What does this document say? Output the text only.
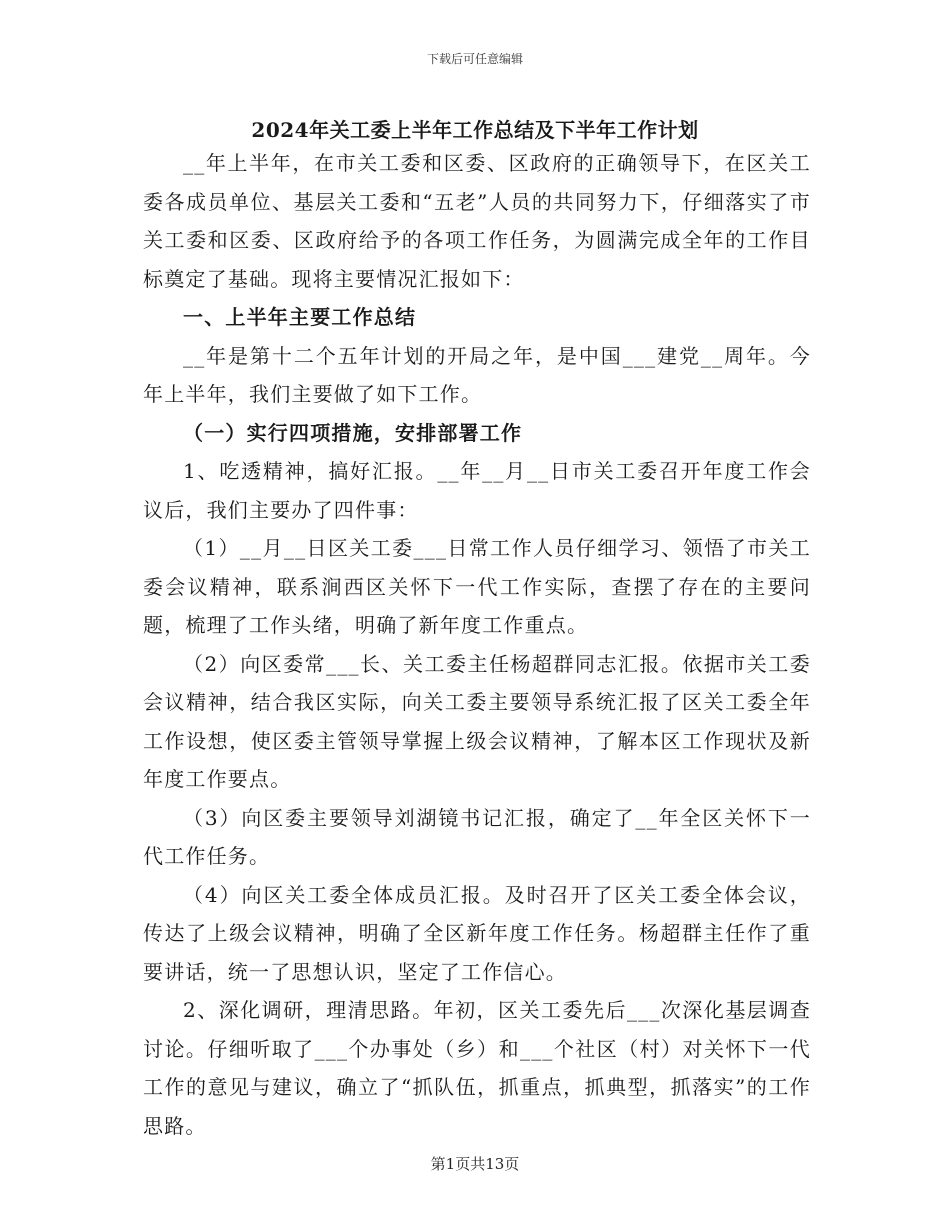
下载后可任意编辑
2024年关工委上半年工作总结及下半年工作计划

__年上半年，在市关工委和区委、区政府的正确领导下，在区关工委各成员单位、基层关工委和“五老”人员的共同努力下，仔细落实了市关工委和区委、区政府给予的各项工作任务，为圆满完成全年的工作目标奠定了基础。现将主要情况汇报如下：

一、上半年主要工作总结

__年是第十二个五年计划的开局之年，是中国___建党__周年。今年上半年，我们主要做了如下工作。

（一）实行四项措施，安排部署工作

1、吃透精神，搞好汇报。__年__月__日市关工委召开年度工作会议后，我们主要办了四件事：

（1）__月__日区关工委___日常工作人员仔细学习、领悟了市关工委会议精神，联系涧西区关怀下一代工作实际，查摆了存在的主要问题，梳理了工作头绪，明确了新年度工作重点。

（2）向区委常___长、关工委主任杨超群同志汇报。依据市关工委会议精神，结合我区实际，向关工委主要领导系统汇报了区关工委全年工作设想，使区委主管领导掌握上级会议精神，了解本区工作现状及新年度工作要点。

（3）向区委主要领导刘湖镜书记汇报，确定了__年全区关怀下一代工作任务。

（4）向区关工委全体成员汇报。及时召开了区关工委全体会议，传达了上级会议精神，明确了全区新年度工作任务。杨超群主任作了重要讲话，统一了思想认识，坚定了工作信心。

2、深化调研，理清思路。年初，区关工委先后___次深化基层调查讨论。仔细听取了___个办事处（乡）和___个社区（村）对关怀下一代工作的意见与建议，确立了“抓队伍，抓重点，抓典型，抓落实”的工作思路。

第1页共13页
